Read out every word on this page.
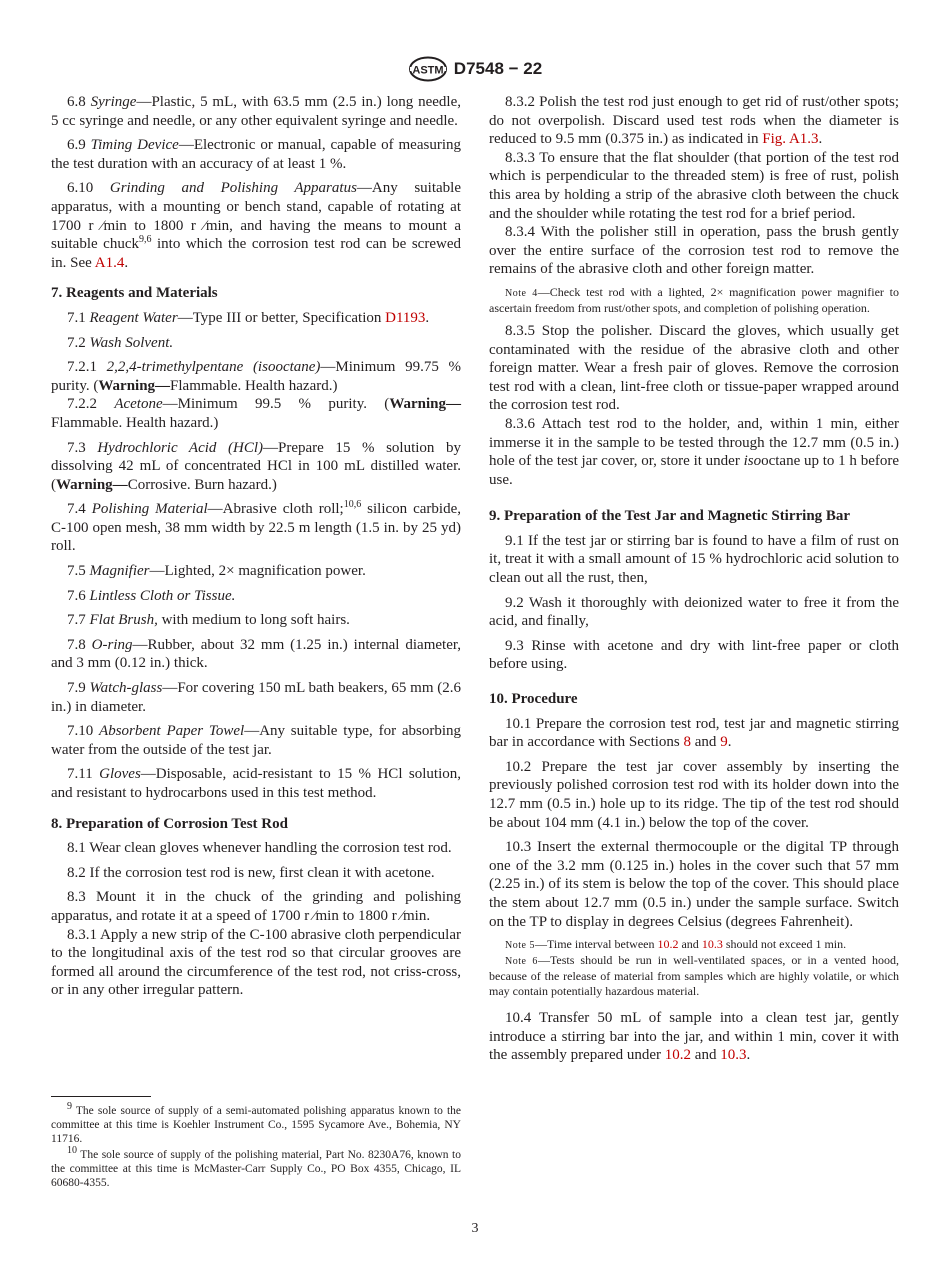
ASTM D7548 − 22

6.8 Syringe—Plastic, 5 mL, with 63.5 mm (2.5 in.) long needle, 5 cc syringe and needle, or any other equivalent syringe and needle.

6.9 Timing Device—Electronic or manual, capable of measuring the test duration with an accuracy of at least 1 %.

6.10 Grinding and Polishing Apparatus—Any suitable apparatus, with a mounting or bench stand, capable of rotating at 1700 r ⁄min to 1800 r ⁄min, and having the means to mount a suitable chuck$^{9,6}$ into which the corrosion test rod can be screwed in. See A1.4.

7. Reagents and Materials

7.1 Reagent Water—Type III or better, Specification D1193.

7.2 Wash Solvent.

7.2.1 2,2,4-trimethylpentane (isooctane)—Minimum 99.75 % purity. (Warning—Flammable. Health hazard.)

7.2.2 Acetone—Minimum 99.5 % purity. (Warning—Flammable. Health hazard.)

7.3 Hydrochloric Acid (HCl)—Prepare 15 % solution by dissolving 42 mL of concentrated HCl in 100 mL distilled water. (Warning—Corrosive. Burn hazard.)

7.4 Polishing Material—Abrasive cloth roll;$^{10,6}$ silicon carbide, C-100 open mesh, 38 mm width by 22.5 m length (1.5 in. by 25 yd) roll.

7.5 Magnifier—Lighted, 2× magnification power.

7.6 Lintless Cloth or Tissue.

7.7 Flat Brush, with medium to long soft hairs.

7.8 O-ring—Rubber, about 32 mm (1.25 in.) internal diameter, and 3 mm (0.12 in.) thick.

7.9 Watch-glass—For covering 150 mL bath beakers, 65 mm (2.6 in.) in diameter.

7.10 Absorbent Paper Towel—Any suitable type, for absorbing water from the outside of the test jar.

7.11 Gloves—Disposable, acid-resistant to 15 % HCl solution, and resistant to hydrocarbons used in this test method.

8. Preparation of Corrosion Test Rod

8.1 Wear clean gloves whenever handling the corrosion test rod.

8.2 If the corrosion test rod is new, first clean it with acetone.

8.3 Mount it in the chuck of the grinding and polishing apparatus, and rotate it at a speed of 1700 r ⁄min to 1800 r ⁄min.

8.3.1 Apply a new strip of the C-100 abrasive cloth perpendicular to the longitudinal axis of the test rod so that circular grooves are formed all around the circumference of the test rod, not criss-cross, or in any other irregular pattern.

$^9$ The sole source of supply of a semi-automated polishing apparatus known to the committee at this time is Koehler Instrument Co., 1595 Sycamore Ave., Bohemia, NY 11716.

$^{10}$ The sole source of supply of the polishing material, Part No. 8230A76, known to the committee at this time is McMaster-Carr Supply Co., PO Box 4355, Chicago, IL 60680-4355.

8.3.2 Polish the test rod just enough to get rid of rust/other spots; do not overpolish. Discard used test rods when the diameter is reduced to 9.5 mm (0.375 in.) as indicated in Fig. A1.3.

8.3.3 To ensure that the flat shoulder (that portion of the test rod which is perpendicular to the threaded stem) is free of rust, polish this area by holding a strip of the abrasive cloth between the chuck and the shoulder while rotating the test rod for a brief period.

8.3.4 With the polisher still in operation, pass the brush gently over the entire surface of the corrosion test rod to remove the remains of the abrasive cloth and other foreign matter.

Note 4—Check test rod with a lighted, 2× magnification power magnifier to ascertain freedom from rust/other spots, and completion of polishing operation.

8.3.5 Stop the polisher. Discard the gloves, which usually get contaminated with the residue of the abrasive cloth and other foreign matter. Wear a fresh pair of gloves. Remove the corrosion test rod with a clean, lint-free cloth or tissue-paper wrapped around the corrosion test rod.

8.3.6 Attach test rod to the holder, and, within 1 min, either immerse it in the sample to be tested through the 12.7 mm (0.5 in.) hole of the test jar cover, or, store it under isooctane up to 1 h before use.

9. Preparation of the Test Jar and Magnetic Stirring Bar

9.1 If the test jar or stirring bar is found to have a film of rust on it, treat it with a small amount of 15 % hydrochloric acid solution to clean out all the rust, then,

9.2 Wash it thoroughly with deionized water to free it from the acid, and finally,

9.3 Rinse with acetone and dry with lint-free paper or cloth before using.

10. Procedure

10.1 Prepare the corrosion test rod, test jar and magnetic stirring bar in accordance with Sections 8 and 9.

10.2 Prepare the test jar cover assembly by inserting the previously polished corrosion test rod with its holder down into the 12.7 mm (0.5 in.) hole up to its ridge. The tip of the test rod should be about 104 mm (4.1 in.) below the top of the cover.

10.3 Insert the external thermocouple or the digital TP through one of the 3.2 mm (0.125 in.) holes in the cover such that 57 mm (2.25 in.) of its stem is below the top of the cover. This should place the stem about 12.7 mm (0.5 in.) under the sample surface. Switch on the TP to display in degrees Celsius (degrees Fahrenheit).

Note 5—Time interval between 10.2 and 10.3 should not exceed 1 min.

Note 6—Tests should be run in well-ventilated spaces, or in a vented hood, because of the release of material from samples which are highly volatile, or which may contain potentially hazardous material.

10.4 Transfer 50 mL of sample into a clean test jar, gently introduce a stirring bar into the jar, and within 1 min, cover it with the assembly prepared under 10.2 and 10.3.

3
